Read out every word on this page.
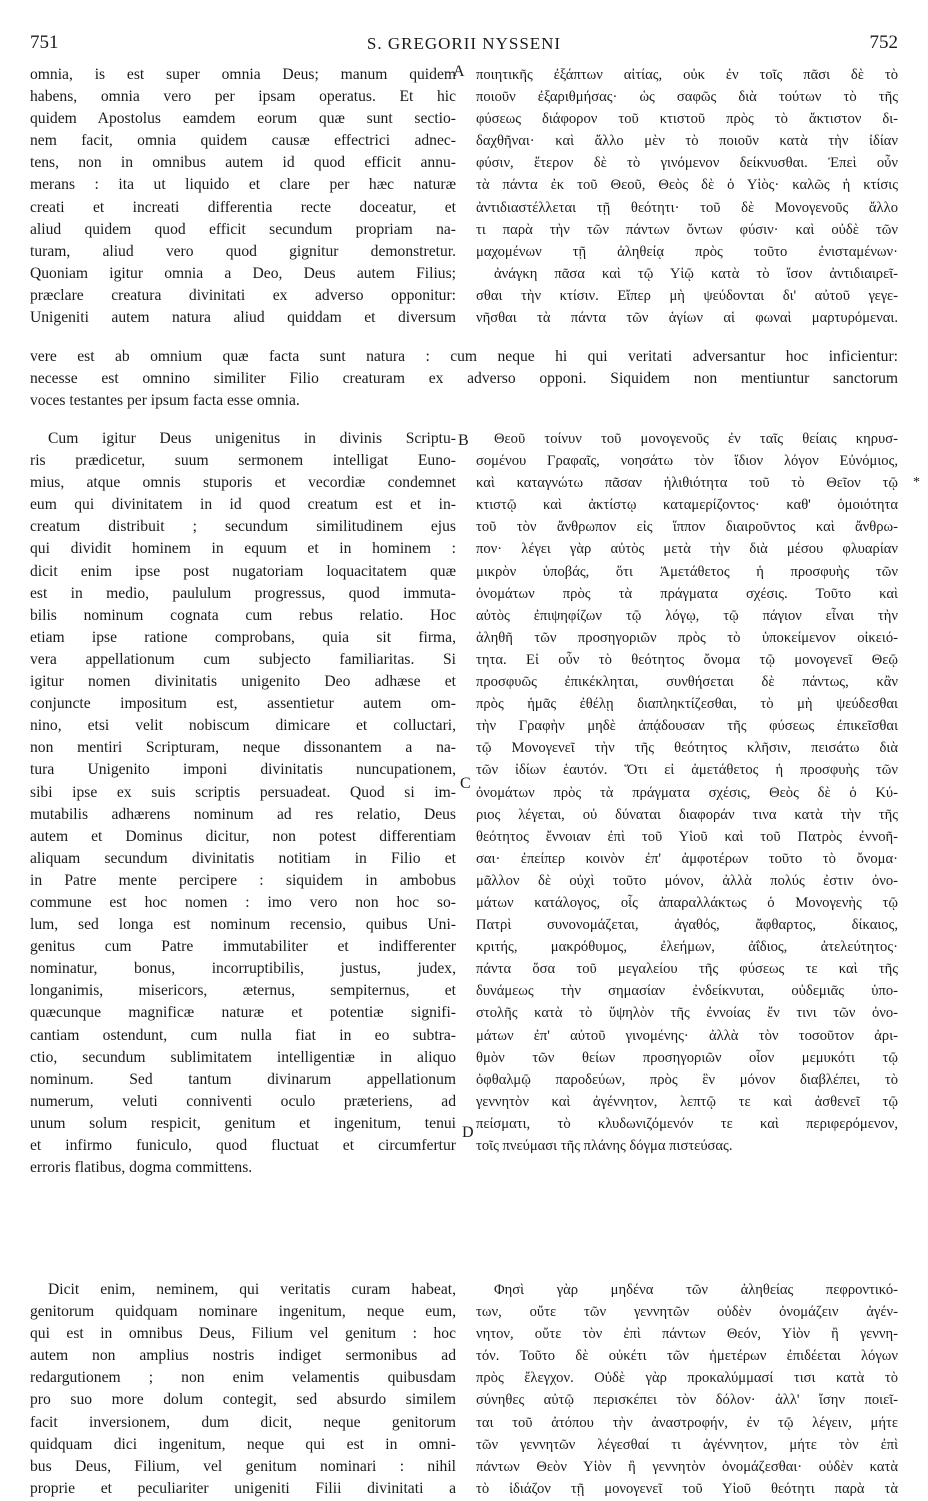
751	S. GREGORII NYSSENI	752
A
B
C
D
*
omnia, is est super omnia Deus; manum quidem
habens, omnia vero per ipsam operatus. Et hic
quidem Apostolus eamdem eorum quæ sunt sectio-
nem facit, omnia quidem causæ effectrici adnec-
tens, non in omnibus autem id quod efficit annu-
merans : ita ut liquido et clare per hæc naturæ
creati et increati differentia recte doceatur, et
aliud quidem quod efficit secundum propriam na-
turam, aliud vero quod gignitur demonstretur.
Quoniam igitur omnia a Deo, Deus autem Filius;
præclare creatura divinitati ex adverso opponitur:
Unigeniti autem natura aliud quiddam et diversum
ποιητικῆς ἐξάπτων αἰτίας, οὐκ ἐν τοῖς πᾶσι δὲ τὸ
ποιοῦν ἐξαριθμήσας· ὡς σαφῶς διὰ τούτων τὸ τῆς
φύσεως διάφορον τοῦ κτιστοῦ πρὸς τὸ ἄκτιστον δι-
δαχθῆναι· καὶ ἄλλο μὲν τὸ ποιοῦν κατὰ τὴν ἰδίαν
φύσιν, ἕτερον δὲ τὸ γινόμενον δείκνυσθαι. Ἐπεὶ οὖν
τὰ πάντα ἐκ τοῦ Θεοῦ, Θεὸς δὲ ὁ Υἱὸς· καλῶς ἡ κτίσις
ἀντιδιαστέλλεται τῇ θεότητι· τοῦ δὲ Μονογενοῦς ἄλλο
τι παρὰ τὴν τῶν πάντων ὄντων φύσιν· καὶ οὐδὲ τῶν
μαχομένων τῇ ἀληθείᾳ πρὸς τοῦτο ἐνισταμένων·
ἀνάγκη πᾶσα καὶ τῷ Υἱῷ κατὰ τὸ ἴσον ἀντιδιαιρεῖ-
σθαι τὴν κτίσιν. Εἴπερ μὴ ψεύδονται δι' αὐτοῦ γεγε-
νῆσθαι τὰ πάντα τῶν ἁγίων αἱ φωναὶ μαρτυρόμεναι.
vere est ab omnium quæ facta sunt natura : cum neque hi qui veritati adversantur hoc inficientur:
necesse est omnino similiter Filio creaturam ex adverso opponi. Siquidem non mentiuntur sanctorum
voces testantes per ipsum facta esse omnia.
Cum igitur Deus unigenitus in divinis Scriptu-
ris prædicetur, suum sermonem intelligat Euno-
mius, atque omnis stuporis et vecordiæ condemnet
eum qui divinitatem in id quod creatum est et in-
creatum distribuit ; secundum similitudinem ejus
qui dividit hominem in equum et in hominem :
dicit enim ipse post nugatoriam loquacitatem quæ
est in medio, paululum progressus, quod immuta-
bilis nominum cognata cum rebus relatio. Hoc
etiam ipse ratione comprobans, quia sit firma,
vera appellationum cum subjecto familiaritas. Si
igitur nomen divinitatis unigenito Deo adhæse et
conjuncte impositum est, assentietur autem om-
nino, etsi velit nobiscum dimicare et colluctari,
non mentiri Scripturam, neque dissonantem a na-
tura Unigenito imponi divinitatis nuncupationem,
sibi ipse ex suis scriptis persuadeat. Quod si im-
mutabilis adhærens nominum ad res relatio, Deus
autem et Dominus dicitur, non potest differentiam
aliquam secundum divinitatis notitiam in Filio et
in Patre mente percipere : siquidem in ambobus
commune est hoc nomen : imo vero non hoc so-
lum, sed longa est nominum recensio, quibus Uni-
genitus cum Patre immutabiliter et indifferenter
nominatur, bonus, incorruptibilis, justus, judex,
longanimis, misericors, æternus, sempiternus, et
quæcunque magnificæ naturæ et potentiæ signifi-
cantiam ostendunt, cum nulla fiat in eo subtra-
ctio, secundum sublimitatem intelligentiæ in aliquo
nominum. Sed tantum divinarum appellationum
numerum, veluti conniventi oculo præteriens, ad
unum solum respicit, genitum et ingenitum, tenui
et infirmo funiculo, quod fluctuat et circumfertur
erroris flatibus, dogma committens.
Θεοῦ τοίνυν τοῦ μονογενοῦς ἐν ταῖς θείαις κηρυσ-
σομένου Γραφαῖς, νοησάτω τὸν ἴδιον λόγον Εὐνόμιος,
καὶ καταγνώτω πᾶσαν ἠλιθιότητα τοῦ τὸ Θεῖον τῷ
κτιστῷ καὶ ἀκτίστῳ καταμερίζοντος· καθ' ὁμοιότητα
τοῦ τὸν ἄνθρωπον εἰς ἵππον διαιροῦντος καὶ ἄνθρω-
πον· λέγει γὰρ αὐτὸς μετὰ τὴν διὰ μέσου φλυαρίαν
μικρὸν ὑποβάς, ὅτι Ἀμετάθετος ἡ προσφυὴς τῶν
ὀνομάτων πρὸς τὰ πράγματα σχέσις. Τοῦτο καὶ
αὐτὸς ἐπιψηφίζων τῷ λόγῳ, τῷ πάγιον εἶναι τὴν
ἀληθῆ τῶν προσηγοριῶν πρὸς τὸ ὑποκείμενον οἰκειό-
τητα. Εἰ οὖν τὸ θεότητος ὄνομα τῷ μονογενεῖ Θεῷ
προσφυῶς ἐπικέκληται, συνθήσεται δὲ πάντως, κἂν
πρὸς ἡμᾶς ἐθέλῃ διαπληκτίζεσθαι, τὸ μὴ ψεύδεσθαι
τὴν Γραφὴν μηδὲ ἀπᾴδουσαν τῆς φύσεως ἐπικεῖσθαι
τῷ Μονογενεῖ τὴν τῆς θεότητος κλῆσιν, πεισάτω διὰ
τῶν ἰδίων ἑαυτόν. Ὅτι εἰ ἀμετάθετος ἡ προσφυὴς τῶν
ὀνομάτων πρὸς τὰ πράγματα σχέσις, Θεὸς δὲ ὁ Κύ-
ριος λέγεται, οὐ δύναται διαφοράν τινα κατὰ τὴν τῆς
θεότητος ἔννοιαν ἐπὶ τοῦ Υἱοῦ καὶ τοῦ Πατρὸς ἐννοῆ-
σαι· ἐπείπερ κοινὸν ἐπ' ἀμφοτέρων τοῦτο τὸ ὄνομα·
μᾶλλον δὲ οὐχὶ τοῦτο μόνον, ἀλλὰ πολύς ἐστιν ὀνο-
μάτων κατάλογος, οἷς ἀπαραλλάκτως ὁ Μονογενὴς τῷ
Πατρὶ συνονομάζεται, ἀγαθός, ἄφθαρτος, δίκαιος,
κριτής, μακρόθυμος, ἐλεήμων, ἀΐδιος, ἀτελεύτητος·
πάντα ὅσα τοῦ μεγαλείου τῆς φύσεως τε καὶ τῆς
δυνάμεως τὴν σημασίαν ἐνδείκνυται, οὐδεμιᾶς ὑπο-
στολῆς κατὰ τὸ ὕψηλὸν τῆς ἐννοίας ἔν τινι τῶν ὀνο-
μάτων ἐπ' αὐτοῦ γινομένης· ἀλλὰ τὸν τοσοῦτον ἀρι-
θμὸν τῶν θείων προσηγοριῶν οἷον μεμυκότι τῷ
ὀφθαλμῷ παροδεύων, πρὸς ἓν μόνον διαβλέπει, τὸ
γεννητὸν καὶ ἀγέννητον, λεπτῷ τε καὶ ἀσθενεῖ τῷ
πείσματι, τὸ κλυδωνιζόμενόν τε καὶ περιφερόμενον,
τοῖς πνεύμασι τῆς πλάνης δόγμα πιστεύσας.
Dicit enim, neminem, qui veritatis curam habeat,
genitorum quidquam nominare ingenitum, neque eum,
qui est in omnibus Deus, Filium vel genitum : hoc
autem non amplius nostris indiget sermonibus ad
redargutionem ; non enim velamentis quibusdam
pro suo more dolum contegit, sed absurdo similem
facit inversionem, dum dicit, neque genitorum
quidquam dici ingenitum, neque qui est in omni-
bus Deus, Filium, vel genitum nominari : nihil
proprie et peculiariter unigeniti Filii divinitati a
Φησὶ γὰρ μηδένα τῶν ἀληθείας πεφροντικό-
των, οὔτε τῶν γεννητῶν οὐδὲν ὀνομάζειν ἀγέν-
νητον, οὔτε τὸν ἐπὶ πάντων Θεόν, Υἱὸν ἢ γεννη-
τόν. Τοῦτο δὲ οὐκέτι τῶν ἡμετέρων ἐπιδέεται λόγων
πρὸς ἔλεγχον. Οὐδὲ γὰρ προκαλύμμασί τισι κατὰ τὸ
σύνηθες αὐτῷ περισκέπει τὸν δόλον· ἀλλ' ἴσην ποιεῖ-
ται τοῦ ἀτόπου τὴν ἀναστροφήν, ἐν τῷ λέγειν, μήτε
τῶν γεννητῶν λέγεσθαί τι ἀγέννητον, μήτε τὸν ἐπὶ
πάντων Θεὸν Υἱὸν ἢ γεννητὸν ὀνομάζεσθαι· οὐδὲν κατὰ
τὸ ἰδιάζον τῇ μονογενεῖ τοῦ Υἱοῦ θεότητι παρὰ τὰ
